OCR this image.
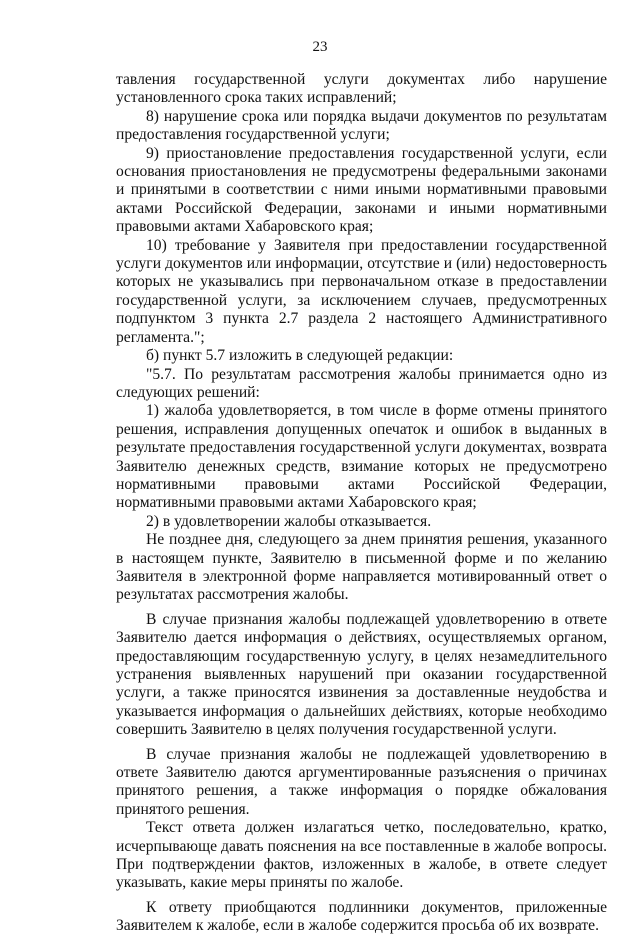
23

тавления государственной услуги документах либо нарушение установленного срока таких исправлений;

8) нарушение срока или порядка выдачи документов по результатам предоставления государственной услуги;

9) приостановление предоставления государственной услуги, если основания приостановления не предусмотрены федеральными законами и принятыми в соответствии с ними иными нормативными правовыми актами Российской Федерации, законами и иными нормативными правовыми актами Хабаровского края;

10) требование у Заявителя при предоставлении государственной услуги документов или информации, отсутствие и (или) недостоверность которых не указывались при первоначальном отказе в предоставлении государственной услуги, за исключением случаев, предусмотренных подпунктом 3 пункта 2.7 раздела 2 настоящего Административного регламента.";

б) пункт 5.7 изложить в следующей редакции:

"5.7. По результатам рассмотрения жалобы принимается одно из следующих решений:

1) жалоба удовлетворяется, в том числе в форме отмены принятого решения, исправления допущенных опечаток и ошибок в выданных в результате предоставления государственной услуги документах, возврата Заявителю денежных средств, взимание которых не предусмотрено нормативными правовыми актами Российской Федерации, нормативными правовыми актами Хабаровского края;

2) в удовлетворении жалобы отказывается.

Не позднее дня, следующего за днем принятия решения, указанного в настоящем пункте, Заявителю в письменной форме и по желанию Заявителя в электронной форме направляется мотивированный ответ о результатах рассмотрения жалобы.

В случае признания жалобы подлежащей удовлетворению в ответе Заявителю дается информация о действиях, осуществляемых органом, предоставляющим государственную услугу, в целях незамедлительного устранения выявленных нарушений при оказании государственной услуги, а также приносятся извинения за доставленные неудобства и указывается информация о дальнейших действиях, которые необходимо совершить Заявителю в целях получения государственной услуги.

В случае признания жалобы не подлежащей удовлетворению в ответе Заявителю даются аргументированные разъяснения о причинах принятого решения, а также информация о порядке обжалования принятого решения.

Текст ответа должен излагаться четко, последовательно, кратко, исчерпывающе давать пояснения на все поставленные в жалобе вопросы. При подтверждении фактов, изложенных в жалобе, в ответе следует указывать, какие меры приняты по жалобе.

К ответу приобщаются подлинники документов, приложенные Заявителем к жалобе, если в жалобе содержится просьба об их возврате.
